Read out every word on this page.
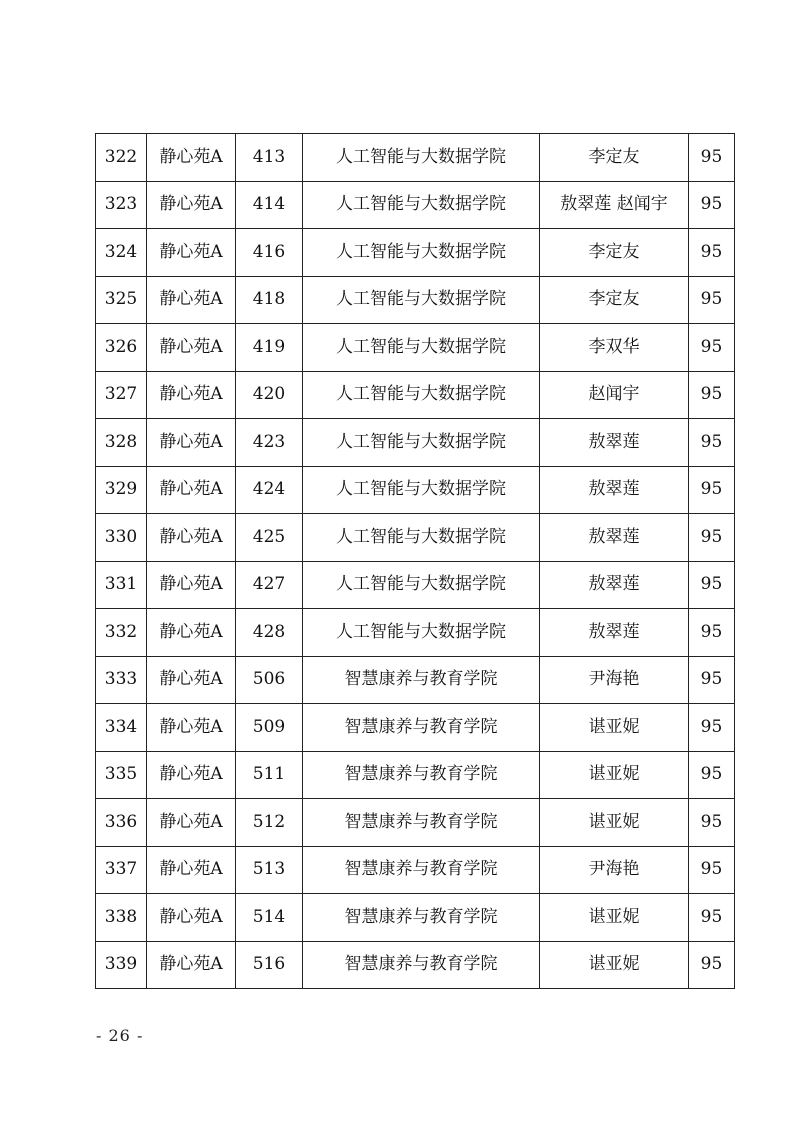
322	静心苑A	413	人工智能与大数据学院	李定友	95
323	静心苑A	414	人工智能与大数据学院	敖翠莲 赵闻宇	95
324	静心苑A	416	人工智能与大数据学院	李定友	95
325	静心苑A	418	人工智能与大数据学院	李定友	95
326	静心苑A	419	人工智能与大数据学院	李双华	95
327	静心苑A	420	人工智能与大数据学院	赵闻宇	95
328	静心苑A	423	人工智能与大数据学院	敖翠莲	95
329	静心苑A	424	人工智能与大数据学院	敖翠莲	95
330	静心苑A	425	人工智能与大数据学院	敖翠莲	95
331	静心苑A	427	人工智能与大数据学院	敖翠莲	95
332	静心苑A	428	人工智能与大数据学院	敖翠莲	95
333	静心苑A	506	智慧康养与教育学院	尹海艳	95
334	静心苑A	509	智慧康养与教育学院	谌亚妮	95
335	静心苑A	511	智慧康养与教育学院	谌亚妮	95
336	静心苑A	512	智慧康养与教育学院	谌亚妮	95
337	静心苑A	513	智慧康养与教育学院	尹海艳	95
338	静心苑A	514	智慧康养与教育学院	谌亚妮	95
339	静心苑A	516	智慧康养与教育学院	谌亚妮	95
- 26 -
